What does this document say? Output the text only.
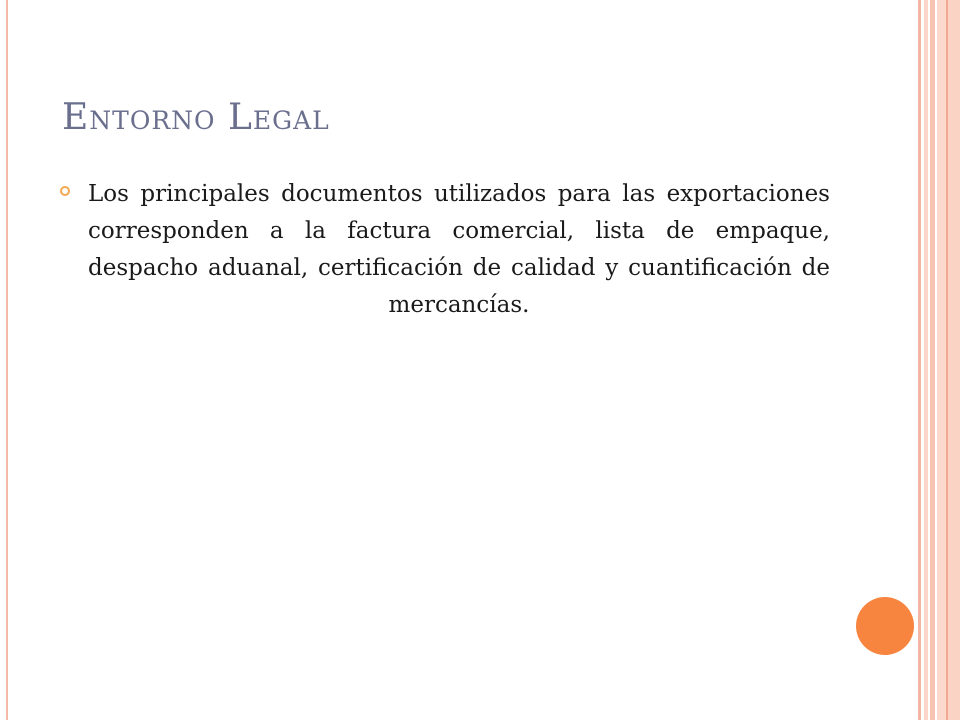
Entorno Legal
Los principales documentos utilizados para las exportaciones corresponden a la factura comercial, lista de empaque, despacho aduanal, certificación de calidad y cuantificación de mercancías.
